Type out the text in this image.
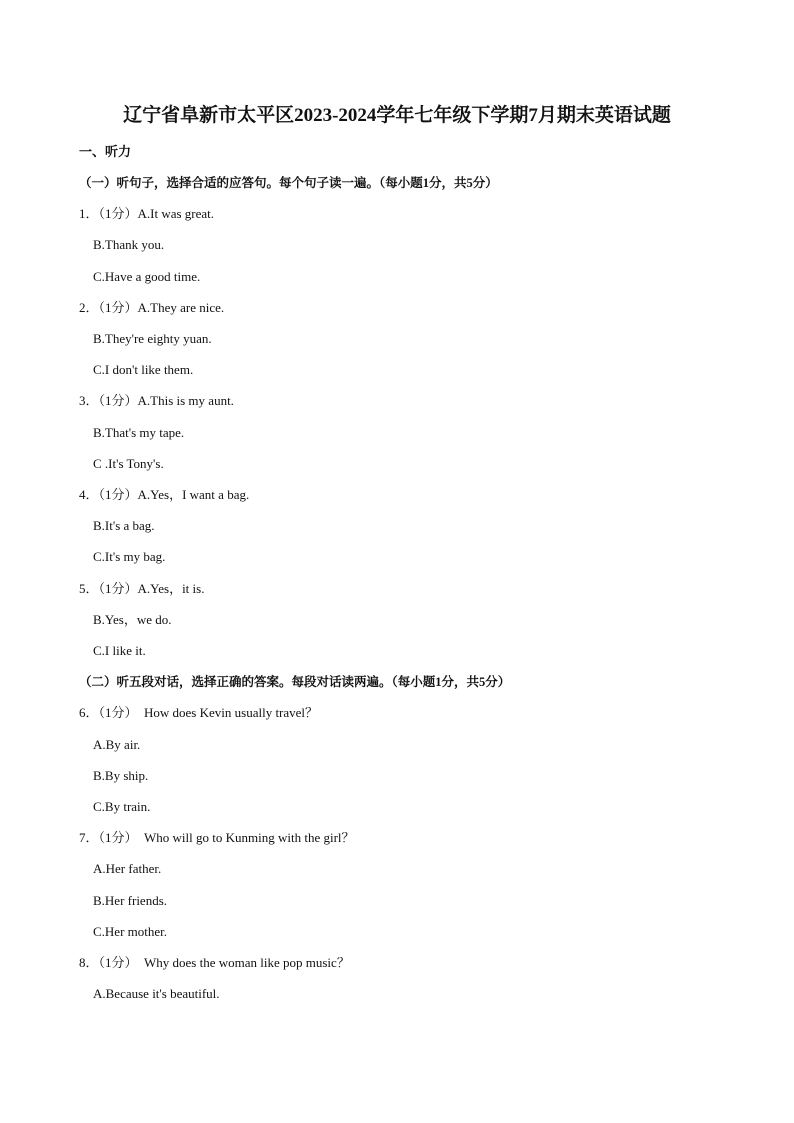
辽宁省阜新市太平区2023-2024学年七年级下学期7月期末英语试题
一、听力
（一）听句子，选择合适的应答句。每个句子读一遍。（每小题1分，共5分）
1．（1分）A.It was great.
B.Thank you.
C.Have a good time.
2．（1分）A.They are nice.
B.They're eighty yuan.
C.I don't like them.
3．（1分）A.This is my aunt.
B.That's my tape.
C .It's Tony's.
4．（1分）A.Yes，I want a bag.
B.It's a bag.
C.It's my bag.
5．（1分）A.Yes，it is.
B.Yes，we do.
C.I like it.
（二）听五段对话，选择正确的答案。每段对话读两遍。（每小题1分，共5分）
6．（1分）  How does Kevin usually travel？
A.By air.
B.By ship.
C.By train.
7．（1分）  Who will go to Kunming with the girl？
A.Her father.
B.Her friends.
C.Her mother.
8．（1分）  Why does the woman like pop music？
A.Because it's beautiful.
